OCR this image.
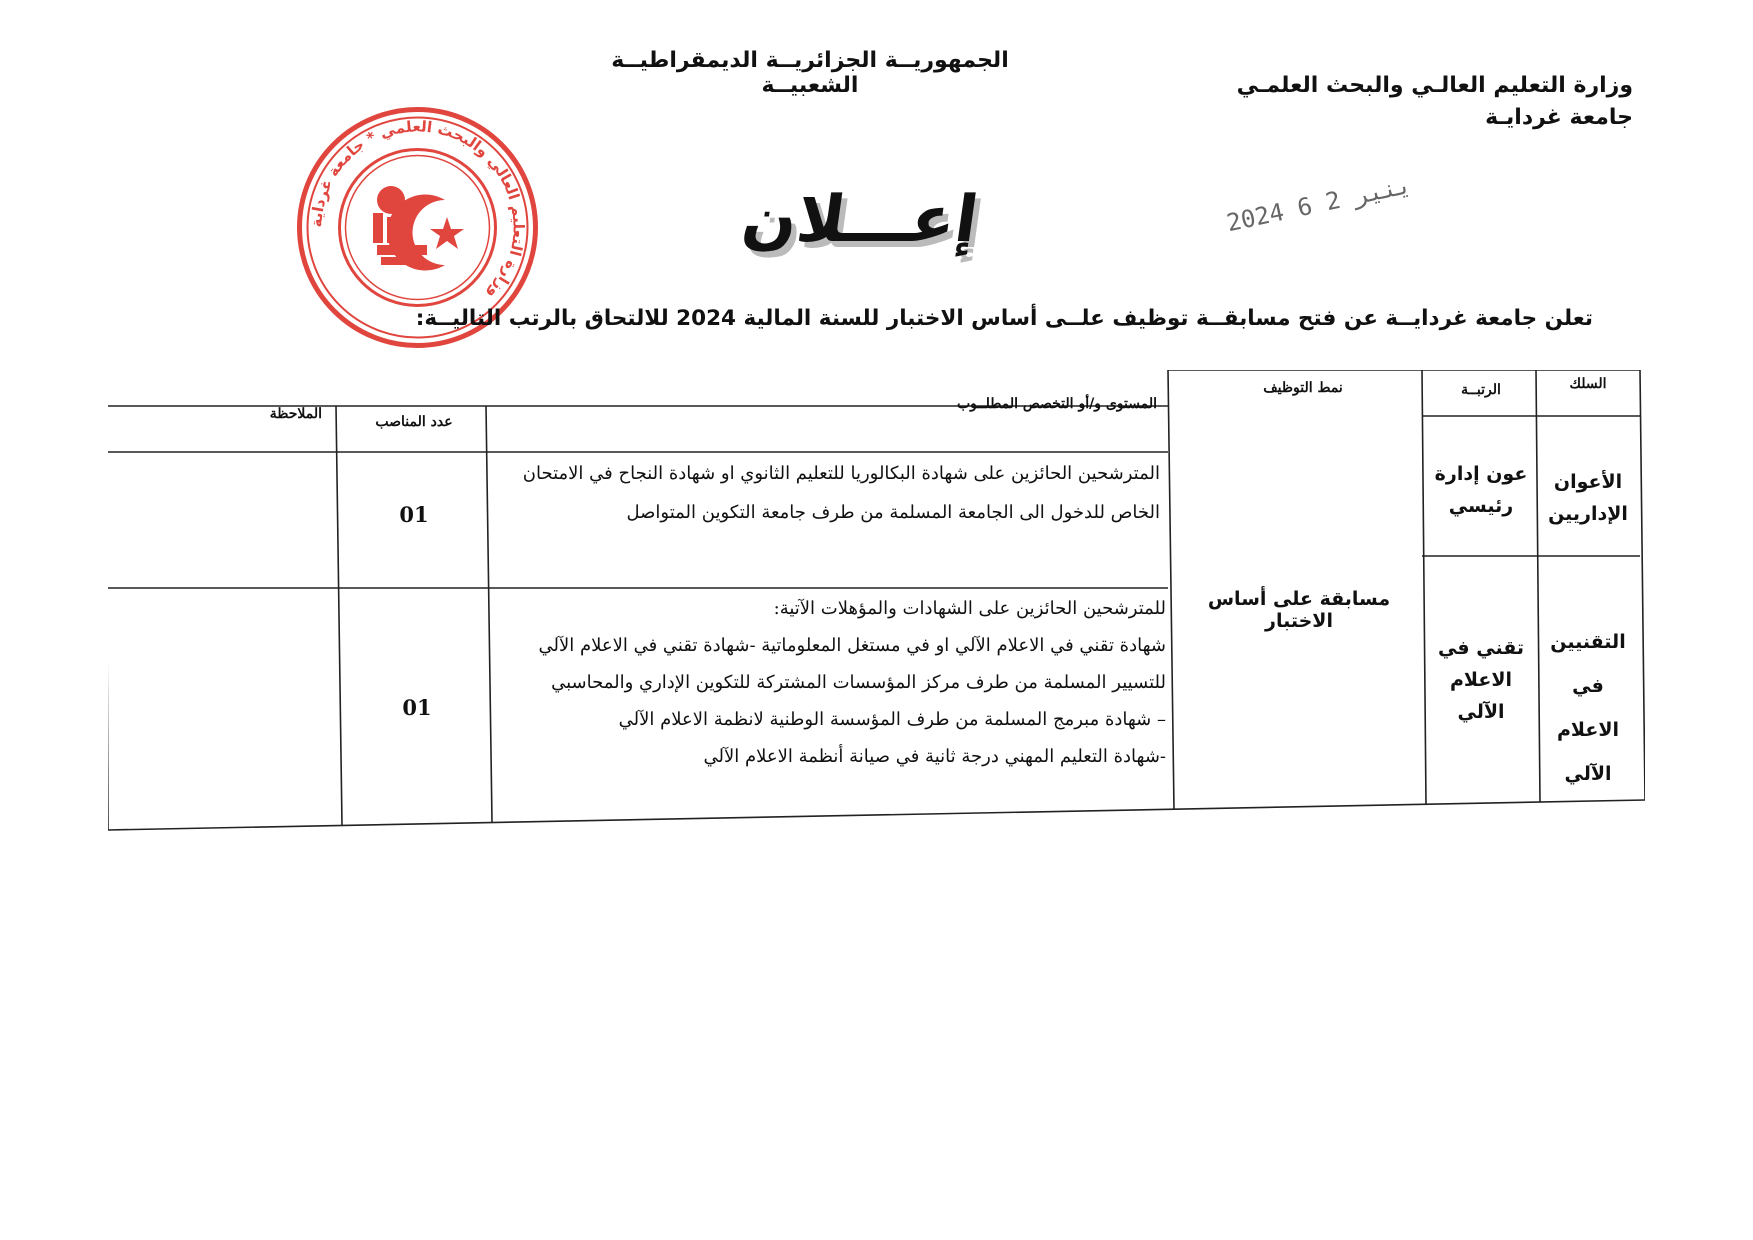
الجمهوريــة الجزائريــة الديمقراطيــة الشعبيــة	وزارة التعليم العالـي والبحث العلمـي
جامعة غردايـة
وزارة التعليم العالي والبحث العلمي * جامعة غرداية
إعـــلان	2024 ينير 2 6
تعلن جامعة غردايــة عن فتح مسابقــة توظيف علــى أساس الاختبار للسنة المالية 2024 للالتحاق بالرتب التاليــة:
السلك
الرتبــة
نمط التوظيف
المستوى و/أو التخصص المطلــوب
عدد المناصب
الملاحظة
الأعوان الإداريين
عون إدارة رئيسي
المترشحين الحائزين على شهادة البكالوريا للتعليم الثانوي او شهادة النجاح في الامتحان
الخاص للدخول الى الجامعة المسلمة من طرف جامعة التكوين المتواصل
01
مسابقة على أساس الاختبار
التقنيين في الاعلام الآلي
تقني في الاعلام الآلي
للمترشحين الحائزين على الشهادات والمؤهلات الآتية:
شهادة تقني في الاعلام الآلي او في مستغل المعلوماتية -شهادة تقني في الاعلام الآلي
للتسيير المسلمة من طرف مركز المؤسسات المشتركة للتكوين الإداري والمحاسبي
– شهادة مبرمج المسلمة من طرف المؤسسة الوطنية لانظمة الاعلام الآلي
-شهادة التعليم المهني درجة ثانية في صيانة أنظمة الاعلام الآلي
01
